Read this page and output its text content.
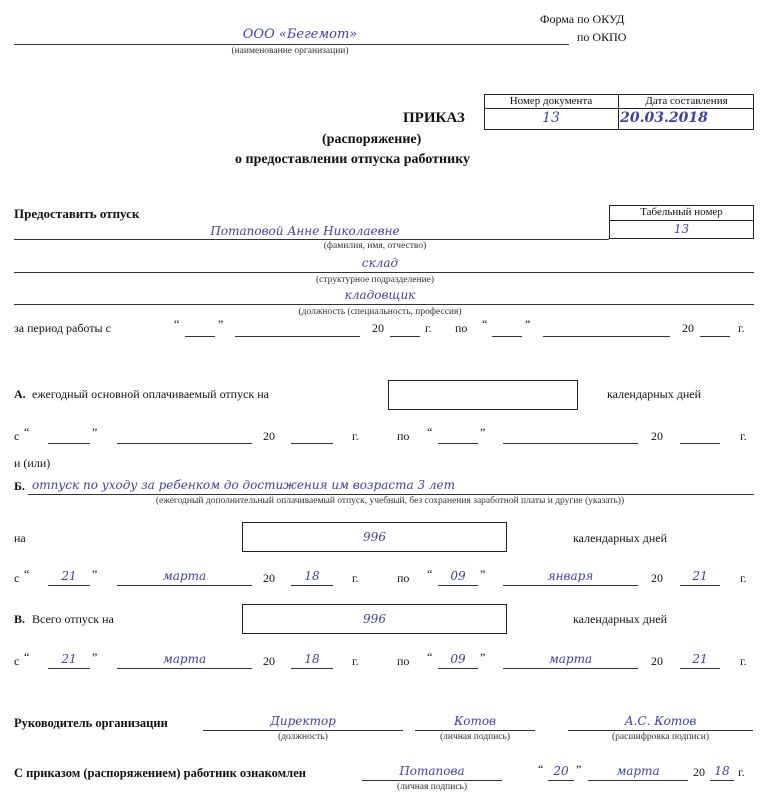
ООО «Бегемот»
(наименование организации)
Форма по ОКУД
по ОКПО
ПРИКАЗ
(распоряжение)
о предоставлении отпуска работнику
Номер документа	Дата составления
13	20.03.2018
Предоставить отпуск	Табельный номер
13
Потаповой Анне Николаевне
(фамилия, имя, отчество)
склад
(структурное подразделение)
кладовщик
(должность (специальность, профессия)
за период работы с	“	”	20	г. по “	”	20	г.
А. ежегодный основной оплачиваемый отпуск на	календарных дней
с “	”	20	г.	по “	”	20	г.
и (или)
Б. отпуск по уходу за ребенком до достижения им возраста 3 лет
(ежегодный дополнительный оплачиваемый отпуск, учебный, без сохранения заработной платы и другие (указать))
на	996	календарных дней
с “	21	”	марта	20	18	г.	по “	09	”	января	20	21	г.
В. Всего отпуск на	996	календарных дней
с “	21	”	марта	20	18	г.	по “	09	”	марта	20	21	г.
Руководитель организации	Директор
(должность)
Котов
(личная подпись)
А.С. Котов
(расшифровка подписи)
С приказом (распоряжением) работник ознакомлен	Потапова
(личная подпись)
“ 20 ”	марта	20 18 г.
